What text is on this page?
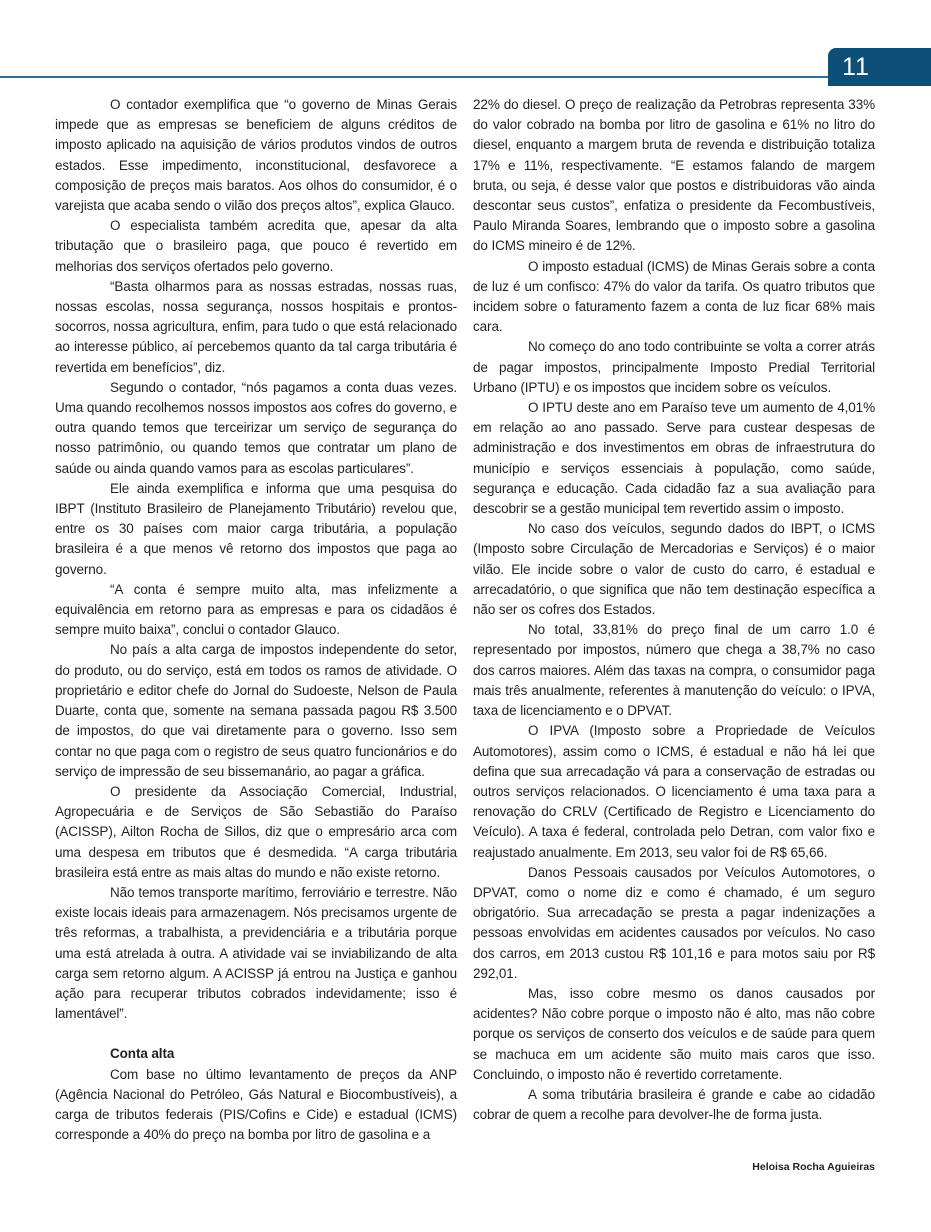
11

O contador exemplifica que “o governo de Minas Gerais impede que as empresas se beneficiem de alguns créditos de imposto aplicado na aquisição de vários produtos vindos de outros estados. Esse impedimento, inconstitucional, desfavorece a composição de preços mais baratos. Aos olhos do consumidor, é o varejista que acaba sendo o vilão dos preços altos”, explica Glauco.

O especialista também acredita que, apesar da alta tributação que o brasileiro paga, que pouco é revertido em melhorias dos serviços ofertados pelo governo.

“Basta olharmos para as nossas estradas, nossas ruas, nossas escolas, nossa segurança, nossos hospitais e prontos-socorros, nossa agricultura, enfim, para tudo o que está relacionado ao interesse público, aí percebemos quanto da tal carga tributária é revertida em benefícios”, diz.

Segundo o contador, “nós pagamos a conta duas vezes. Uma quando recolhemos nossos impostos aos cofres do governo, e outra quando temos que terceirizar um serviço de segurança do nosso patrimônio, ou quando temos que contratar um plano de saúde ou ainda quando vamos para as escolas particulares”.

Ele ainda exemplifica e informa que uma pesquisa do IBPT (Instituto Brasileiro de Planejamento Tributário) revelou que, entre os 30 países com maior carga tributária, a população brasileira é a que menos vê retorno dos impostos que paga ao governo.

“A conta é sempre muito alta, mas infelizmente a equivalência em retorno para as empresas e para os cidadãos é sempre muito baixa”, conclui o contador Glauco.

No país a alta carga de impostos independente do setor, do produto, ou do serviço, está em todos os ramos de atividade. O proprietário e editor chefe do Jornal do Sudoeste, Nelson de Paula Duarte, conta que, somente na semana passada pagou R$ 3.500 de impostos, do que vai diretamente para o governo. Isso sem contar no que paga com o registro de seus quatro funcionários e do serviço de impressão de seu bissemanário, ao pagar a gráfica.

O presidente da Associação Comercial, Industrial, Agropecuária e de Serviços de São Sebastião do Paraíso (ACISSP), Ailton Rocha de Sillos, diz que o empresário arca com uma despesa em tributos que é desmedida. “A carga tributária brasileira está entre as mais altas do mundo e não existe retorno.

Não temos transporte marítimo, ferroviário e terrestre. Não existe locais ideais para armazenagem. Nós precisamos urgente de três reformas, a trabalhista, a previdenciária e a tributária porque uma está atrelada à outra. A atividade vai se inviabilizando de alta carga sem retorno algum. A ACISSP já entrou na Justiça e ganhou ação para recuperar tributos cobrados indevidamente; isso é lamentável”.

Conta alta

Com base no último levantamento de preços da ANP (Agência Nacional do Petróleo, Gás Natural e Biocombustíveis), a carga de tributos federais (PIS/Cofins e Cide) e estadual (ICMS) corresponde a 40% do preço na bomba por litro de gasolina e a

22% do diesel. O preço de realização da Petrobras representa 33% do valor cobrado na bomba por litro de gasolina e 61% no litro do diesel, enquanto a margem bruta de revenda e distribuição totaliza 17% e 11%, respectivamente. “E estamos falando de margem bruta, ou seja, é desse valor que postos e distribuidoras vão ainda descontar seus custos”, enfatiza o presidente da Fecombustíveis, Paulo Miranda Soares, lembrando que o imposto sobre a gasolina do ICMS mineiro é de 12%.

O imposto estadual (ICMS) de Minas Gerais sobre a conta de luz é um confisco: 47% do valor da tarifa. Os quatro tributos que incidem sobre o faturamento fazem a conta de luz ficar 68% mais cara.

No começo do ano todo contribuinte se volta a correr atrás de pagar impostos, principalmente Imposto Predial Territorial Urbano (IPTU) e os impostos que incidem sobre os veículos.

O IPTU deste ano em Paraíso teve um aumento de 4,01% em relação ao ano passado. Serve para custear despesas de administração e dos investimentos em obras de infraestrutura do município e serviços essenciais à população, como saúde, segurança e educação. Cada cidadão faz a sua avaliação para descobrir se a gestão municipal tem revertido assim o imposto.

No caso dos veículos, segundo dados do IBPT, o ICMS (Imposto sobre Circulação de Mercadorias e Serviços) é o maior vilão. Ele incide sobre o valor de custo do carro, é estadual e arrecadatório, o que significa que não tem destinação específica a não ser os cofres dos Estados.

No total, 33,81% do preço final de um carro 1.0 é representado por impostos, número que chega a 38,7% no caso dos carros maiores. Além das taxas na compra, o consumidor paga mais três anualmente, referentes à manutenção do veículo: o IPVA, taxa de licenciamento e o DPVAT.

O IPVA (Imposto sobre a Propriedade de Veículos Automotores), assim como o ICMS, é estadual e não há lei que defina que sua arrecadação vá para a conservação de estradas ou outros serviços relacionados. O licenciamento é uma taxa para a renovação do CRLV (Certificado de Registro e Licenciamento do Veículo). A taxa é federal, controlada pelo Detran, com valor fixo e reajustado anualmente. Em 2013, seu valor foi de R$ 65,66.

Danos Pessoais causados por Veículos Automotores, o DPVAT, como o nome diz e como é chamado, é um seguro obrigatório. Sua arrecadação se presta a pagar indenizações a pessoas envolvidas em acidentes causados por veículos. No caso dos carros, em 2013 custou R$ 101,16 e para motos saiu por R$ 292,01.

Mas, isso cobre mesmo os danos causados por acidentes? Não cobre porque o imposto não é alto, mas não cobre porque os serviços de conserto dos veículos e de saúde para quem se machuca em um acidente são muito mais caros que isso. Concluindo, o imposto não é revertido corretamente.

A soma tributária brasileira é grande e cabe ao cidadão cobrar de quem a recolhe para devolver-lhe de forma justa.

Heloisa Rocha Aguieiras
